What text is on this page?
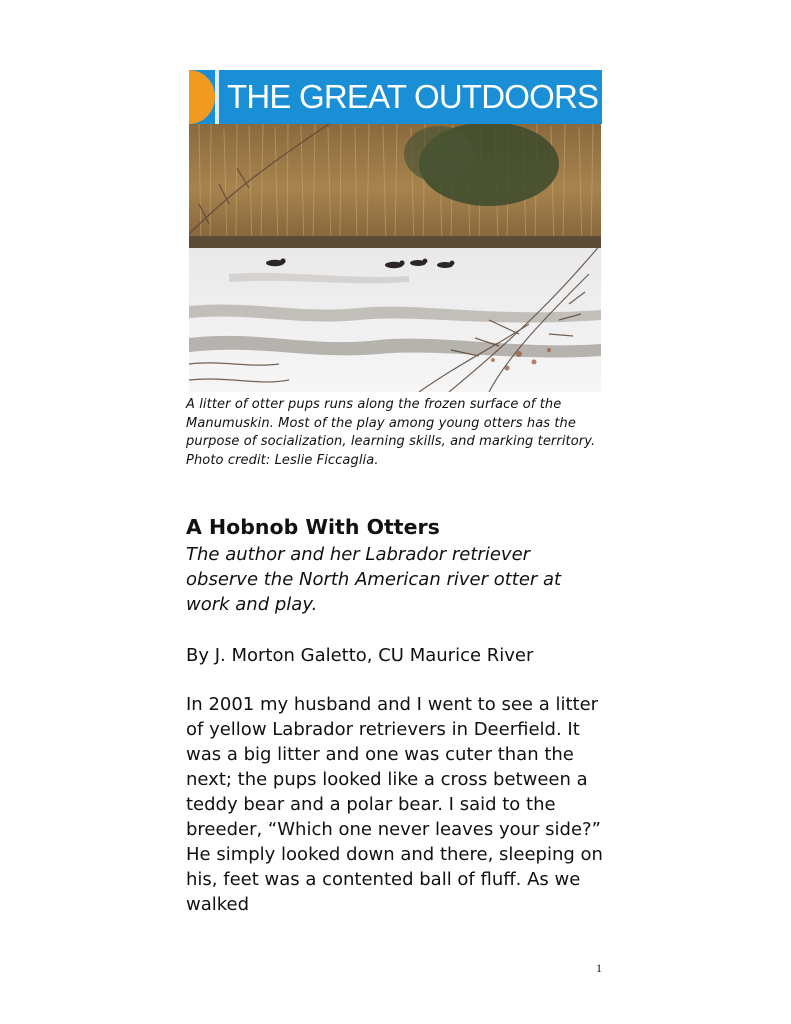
THE GREAT OUTDOORS

A litter of otter pups runs along the frozen surface of the Manumuskin. Most of the play among young otters has the purpose of socialization, learning skills, and marking territory. Photo credit: Leslie Ficcaglia.

A Hobnob With Otters

The author and her Labrador retriever observe the North American river otter at work and play.

By J. Morton Galetto, CU Maurice River

In 2001 my husband and I went to see a litter of yellow Labrador retrievers in Deerfield. It was a big litter and one was cuter than the next; the pups looked like a cross between a teddy bear and a polar bear. I said to the breeder, “Which one never leaves your side?” He simply looked down and there, sleeping on his, feet was a contented ball of fluff. As we walked

1
